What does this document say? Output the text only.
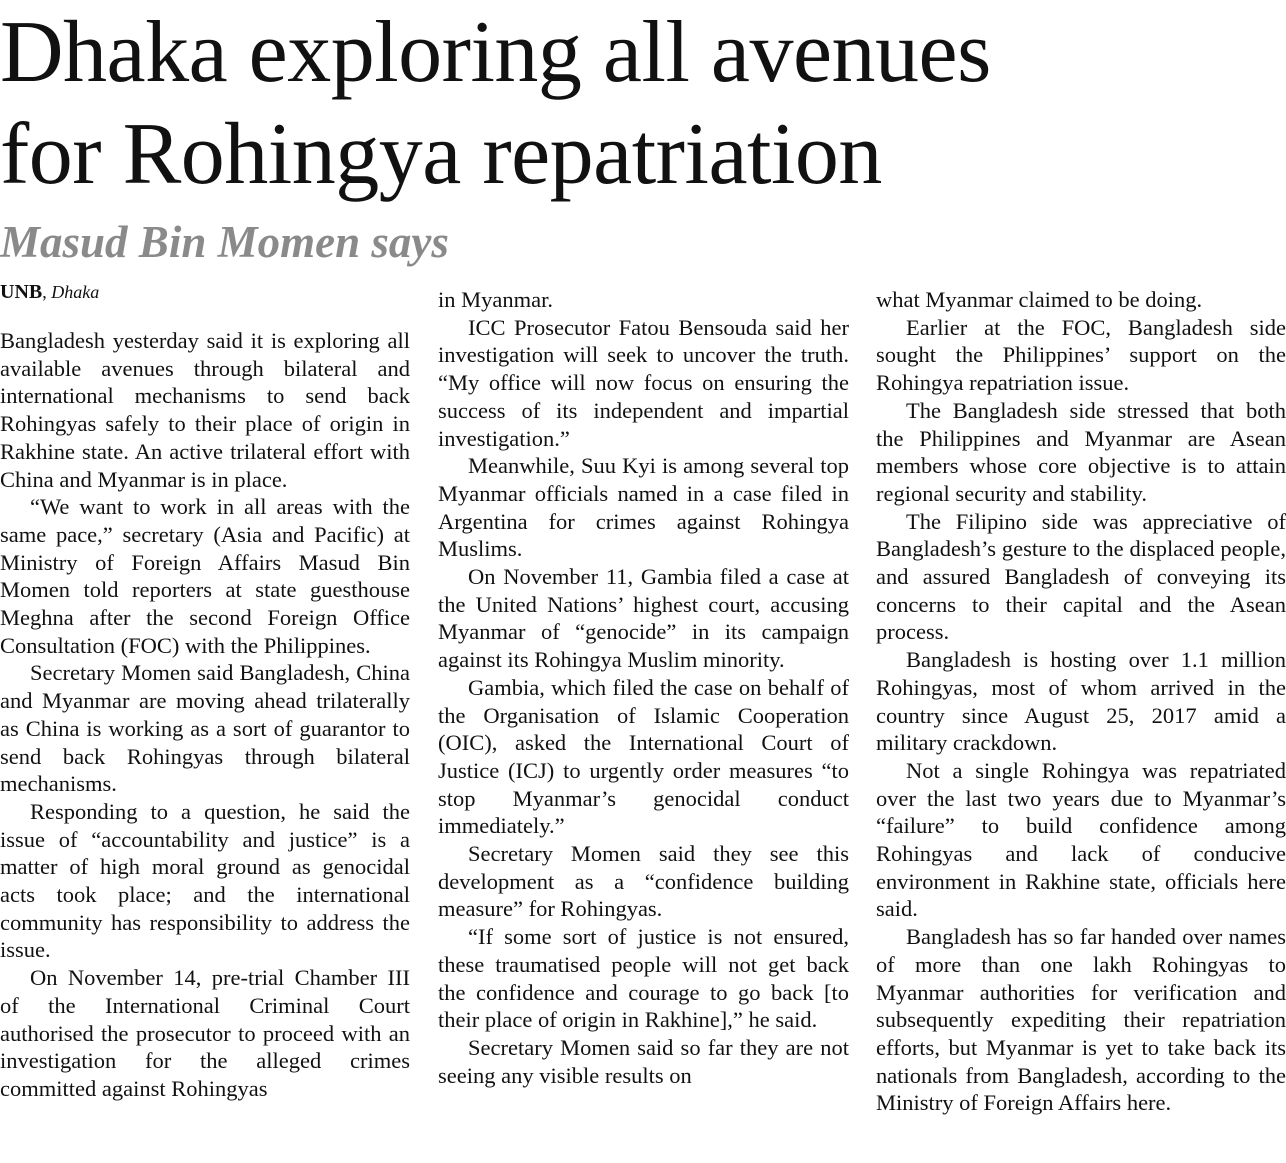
Dhaka exploring all avenues
for Rohingya repatriation
Masud Bin Momen says
UNB, Dhaka

Bangladesh yesterday said it is exploring all available avenues through bilateral and international mechanisms to send back Rohingyas safely to their place of origin in Rakhine state. An active trilateral effort with China and Myanmar is in place.

“We want to work in all areas with the same pace,” secretary (Asia and Pacific) at Ministry of Foreign Affairs Masud Bin Momen told reporters at state guesthouse Meghna after the second Foreign Office Consultation (FOC) with the Philippines.

Secretary Momen said Bangladesh, China and Myanmar are moving ahead trilaterally as China is working as a sort of guarantor to send back Rohingyas through bilateral mechanisms.

Responding to a question, he said the issue of “accountability and justice” is a matter of high moral ground as genocidal acts took place; and the international community has responsibility to address the issue.

On November 14, pre-trial Chamber III of the International Criminal Court authorised the prosecutor to proceed with an investigation for the alleged crimes committed against Rohingyas

in Myanmar.

ICC Prosecutor Fatou Bensouda said her investigation will seek to uncover the truth. “My office will now focus on ensuring the success of its independent and impartial investigation.”

Meanwhile, Suu Kyi is among several top Myanmar officials named in a case filed in Argentina for crimes against Rohingya Muslims.

On November 11, Gambia filed a case at the United Nations’ highest court, accusing Myanmar of “genocide” in its campaign against its Rohingya Muslim minority.

Gambia, which filed the case on behalf of the Organisation of Islamic Cooperation (OIC), asked the International Court of Justice (ICJ) to urgently order measures “to stop Myanmar’s genocidal conduct immediately.”

Secretary Momen said they see this development as a “confidence building measure” for Rohingyas.

“If some sort of justice is not ensured, these traumatised people will not get back the confidence and courage to go back [to their place of origin in Rakhine],” he said.

Secretary Momen said so far they are not seeing any visible results on

what Myanmar claimed to be doing.

Earlier at the FOC, Bangladesh side sought the Philippines’ support on the Rohingya repatriation issue.

The Bangladesh side stressed that both the Philippines and Myanmar are Asean members whose core objective is to attain regional security and stability.

The Filipino side was appreciative of Bangladesh’s gesture to the displaced people, and assured Bangladesh of conveying its concerns to their capital and the Asean process.

Bangladesh is hosting over 1.1 million Rohingyas, most of whom arrived in the country since August 25, 2017 amid a military crackdown.

Not a single Rohingya was repatriated over the last two years due to Myanmar’s “failure” to build confidence among Rohingyas and lack of conducive environment in Rakhine state, officials here said.

Bangladesh has so far handed over names of more than one lakh Rohingyas to Myanmar authorities for verification and subsequently expediting their repatriation efforts, but Myanmar is yet to take back its nationals from Bangladesh, according to the Ministry of Foreign Affairs here.
